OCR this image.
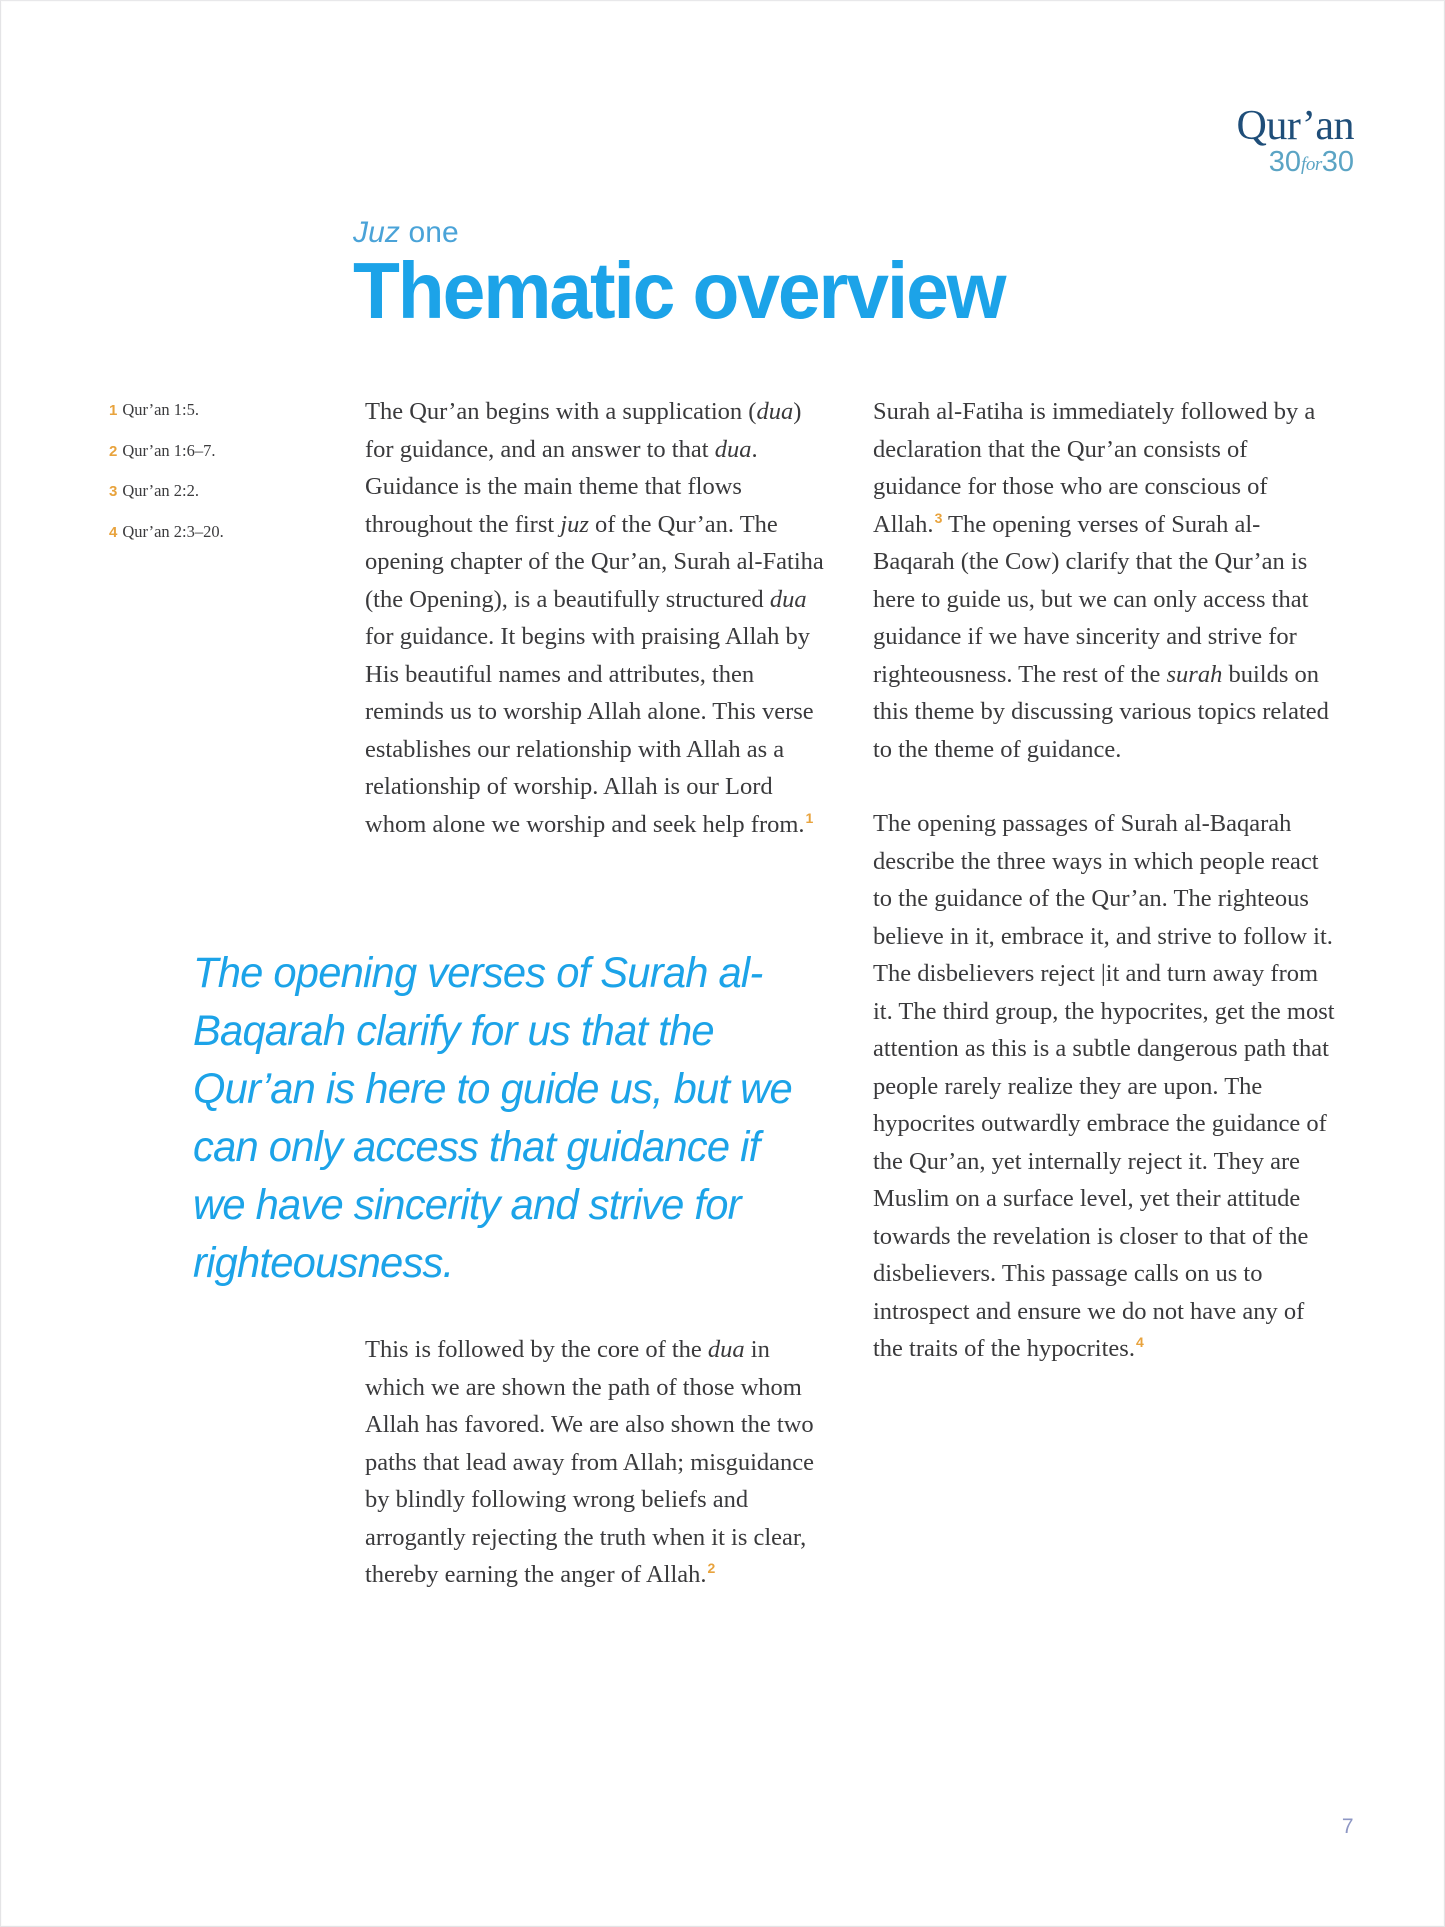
Qur’an
30for30
Juz one
Thematic overview
1 Qur’an 1:5.
2 Qur’an 1:6–7.
3 Qur’an 2:2.
4 Qur’an 2:3–20.

The Qur’an begins with a supplication (dua) for guidance, and an answer to that dua. Guidance is the main theme that flows throughout the first juz of the Qur’an. The opening chapter of the Qur’an, Surah al-Fatiha (the Opening), is a beautifully structured dua for guidance. It begins with praising Allah by His beautiful names and attributes, then reminds us to worship Allah alone. This verse establishes our relationship with Allah as a relationship of worship. Allah is our Lord whom alone we worship and seek help from.$^1$

The opening verses of Surah al-Baqarah clarify for us that the Qur’an is here to guide us, but we can only access that guidance if we have sincerity and strive for righteousness.

This is followed by the core of the dua in which we are shown the path of those whom Allah has favored. We are also shown the two paths that lead away from Allah; misguidance by blindly following wrong beliefs and arrogantly rejecting the truth when it is clear, thereby earning the anger of Allah.$^2$

Surah al-Fatiha is immediately followed by a declaration that the Qur’an consists of guidance for those who are conscious of Allah.$^3$ The opening verses of Surah al-Baqarah (the Cow) clarify that the Qur’an is here to guide us, but we can only access that guidance if we have sincerity and strive for righteousness. The rest of the surah builds on this theme by discussing various topics related to the theme of guidance.

The opening passages of Surah al-Baqarah describe the three ways in which people react to the guidance of the Qur’an. The righteous believe in it, embrace it, and strive to follow it. The disbelievers reject |it and turn away from it. The third group, the hypocrites, get the most attention as this is a subtle dangerous path that people rarely realize they are upon. The hypocrites outwardly embrace the guidance of the Qur’an, yet internally reject it. They are Muslim on a surface level, yet their attitude towards the revelation is closer to that of the disbelievers. This passage calls on us to introspect and ensure we do not have any of the traits of the hypocrites.$^4$

7
